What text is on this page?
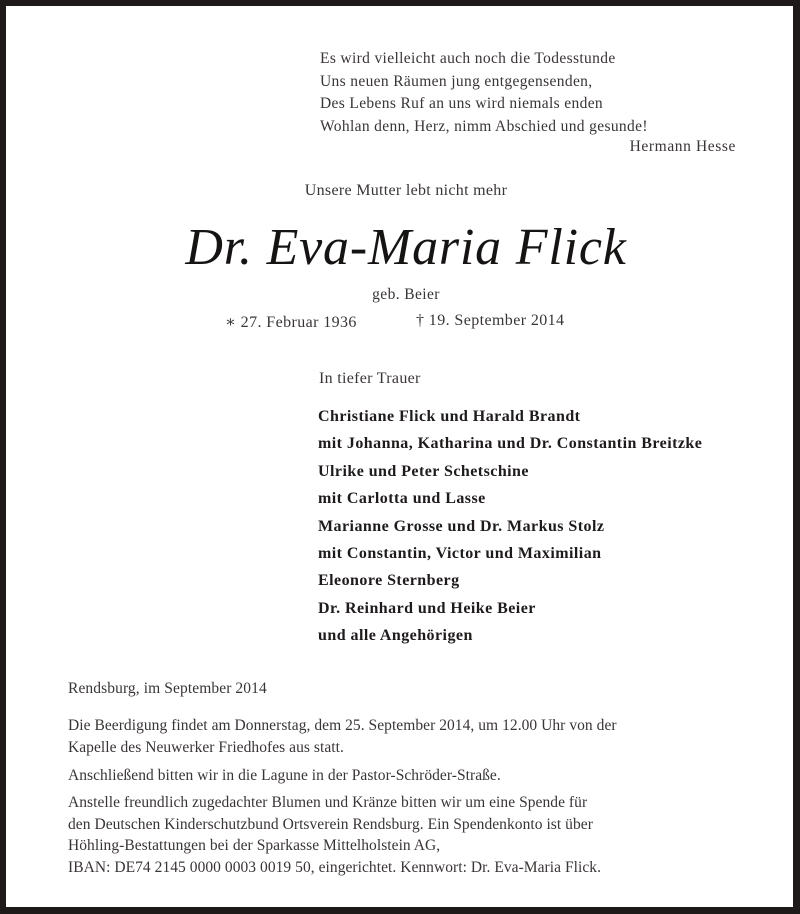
Es wird vielleicht auch noch die Todesstunde
Uns neuen Räumen jung entgegensenden,
Des Lebens Ruf an uns wird niemals enden
Wohlan denn, Herz, nimm Abschied und gesunde!
Hermann Hesse
Unsere Mutter lebt nicht mehr
Dr. Eva-Maria Flick
geb. Beier
∗ 27. Februar 1936	† 19. September 2014
In tiefer Trauer
Christiane Flick und Harald Brandt
mit Johanna, Katharina und Dr. Constantin Breitzke
Ulrike und Peter Schetschine
mit Carlotta und Lasse
Marianne Grosse und Dr. Markus Stolz
mit Constantin, Victor und Maximilian
Eleonore Sternberg
Dr. Reinhard und Heike Beier
und alle Angehörigen
Rendsburg, im September 2014
Die Beerdigung findet am Donnerstag, dem 25. September 2014, um 12.00 Uhr von der
Kapelle des Neuwerker Friedhofes aus statt.
Anschließend bitten wir in die Lagune in der Pastor-Schröder-Straße.
Anstelle freundlich zugedachter Blumen und Kränze bitten wir um eine Spende für
den Deutschen Kinderschutzbund Ortsverein Rendsburg. Ein Spendenkonto ist über
Höhling-Bestattungen bei der Sparkasse Mittelholstein AG,
IBAN: DE74 2145 0000 0003 0019 50, eingerichtet. Kennwort: Dr. Eva-Maria Flick.
